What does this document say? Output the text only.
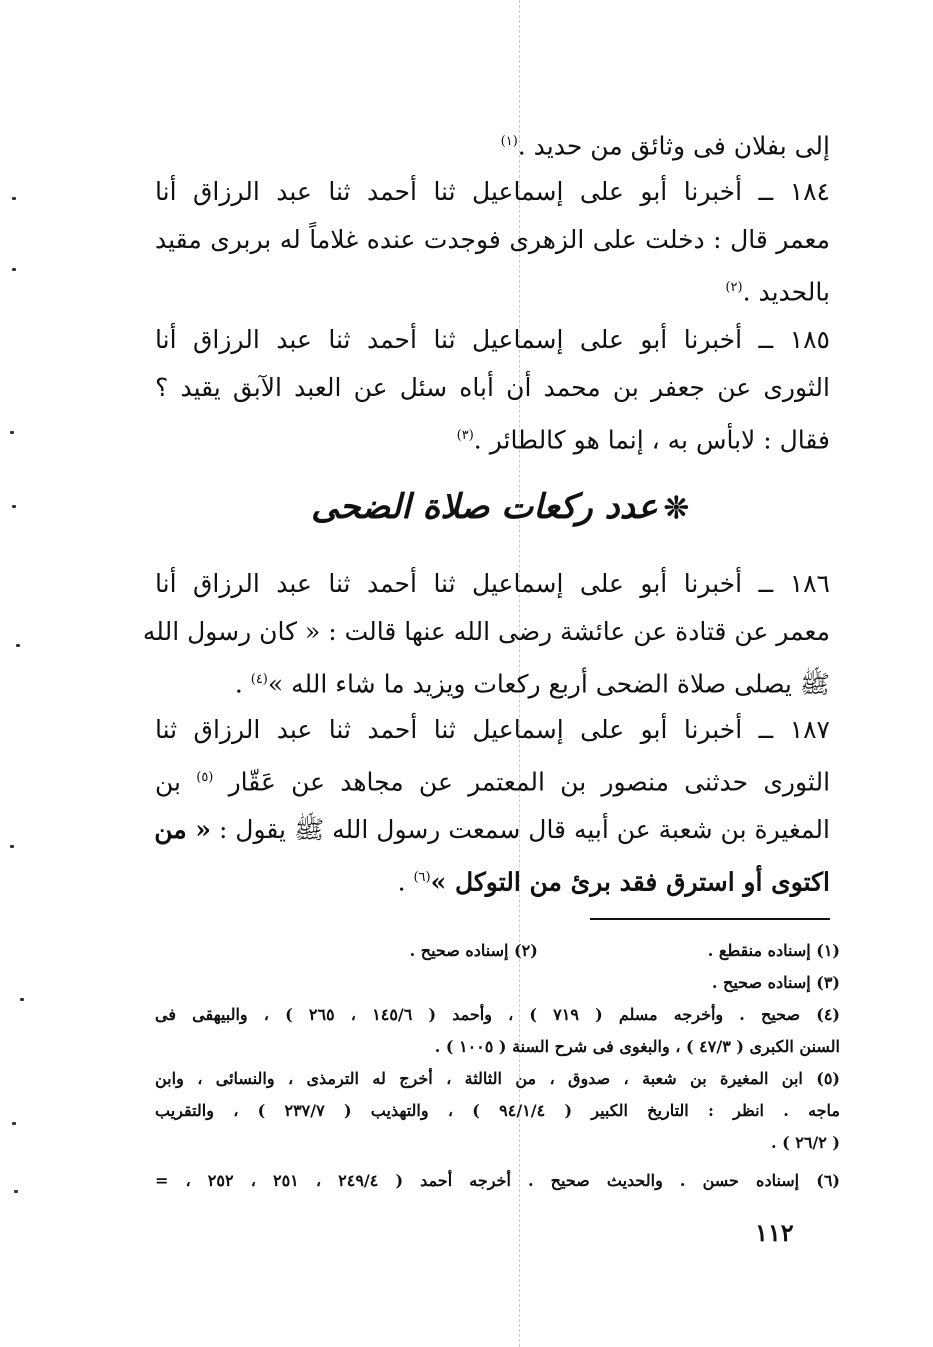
إلى بفلان فى وثائق من حديد .$^{(١)}$
١٨٤ ــ أخبرنا أبو على إسماعيل ثنا أحمد ثنا عبد الرزاق أنا
معمر قال : دخلت على الزهرى فوجدت عنده غلاماً له بربرى مقيد
بالحديد .$^{(٢)}$
١٨٥ ــ أخبرنا أبو على إسماعيل ثنا أحمد ثنا عبد الرزاق أنا
الثورى عن جعفر بن محمد أن أباه سئل عن العبد الآبق يقيد ؟
فقال : لابأس به ، إنما هو كالطائر .$^{(٣)}$
❊عدد ركعات صلاة الضحى
١٨٦ ــ أخبرنا أبو على إسماعيل ثنا أحمد ثنا عبد الرزاق أنا
معمر عن قتادة عن عائشة رضى الله عنها قالت : « كان رسول الله
ﷺ يصلى صلاة الضحى أربع ركعات ويزيد ما شاء الله »$^{(٤)}$ .
١٨٧ ــ أخبرنا أبو على إسماعيل ثنا أحمد ثنا عبد الرزاق ثنا
الثورى حدثنى منصور بن المعتمر عن مجاهد عن عَقّار $^{(٥)}$ بن
المغيرة بن شعبة عن أبيه قال سمعت رسول الله ﷺ يقول : « من
اكتوى أو استرق فقد برئ من التوكل »$^{(٦)}$ .
(١) إسناده منقطع .(٢) إسناده صحيح .
(٣) إسناده صحيح .
(٤) صحيح . وأخرجه مسلم ( ٧١٩ ) ، وأحمد ( ١٤٥/٦ ، ٢٦٥ ) ، والبيهقى فى
السنن الكبرى ( ٤٧/٣ ) ، والبغوى فى شرح السنة ( ١٠٠٥ ) .
(٥) ابن المغيرة بن شعبة ، صدوق ، من الثالثة ، أخرج له الترمذى ، والنسائى ، وابن
ماجه . انظر : التاريخ الكبير ( ٩٤/١/٤ ) ، والتهذيب ( ٢٣٧/٧ ) ، والتقريب
( ٢٦/٢ ) .
(٦) إسناده حسن . والحديث صحيح . أخرجه أحمد ( ٢٤٩/٤ ، ٢٥١ ، ٢٥٢ ، =
١١٢
